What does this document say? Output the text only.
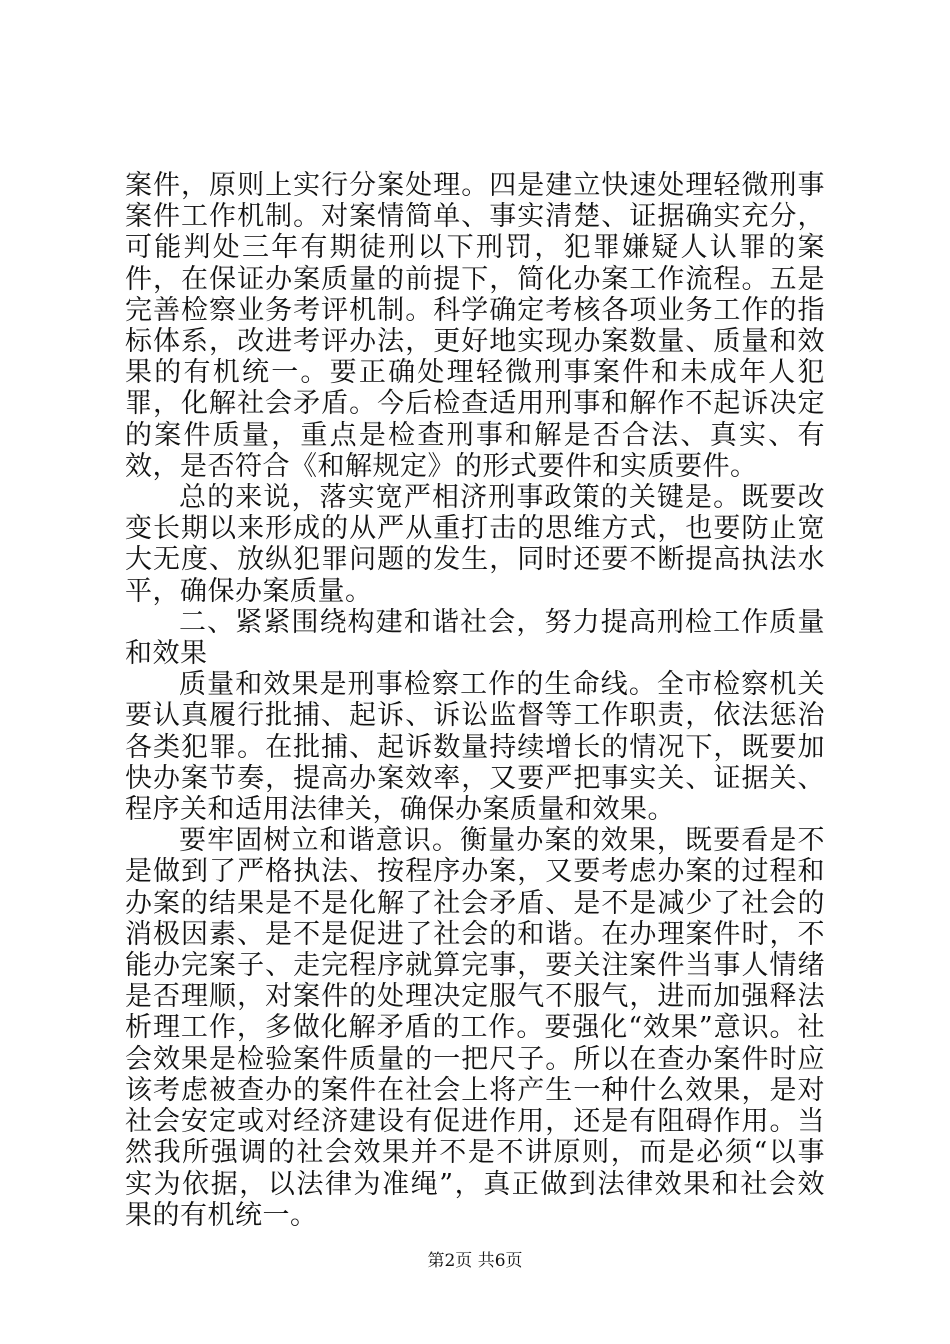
案件，原则上实行分案处理。四是建立快速处理轻微刑事案件工作机制。对案情简单、事实清楚、证据确实充分，可能判处三年有期徒刑以下刑罚，犯罪嫌疑人认罪的案件，在保证办案质量的前提下，简化办案工作流程。五是完善检察业务考评机制。科学确定考核各项业务工作的指标体系，改进考评办法，更好地实现办案数量、质量和效果的有机统一。要正确处理轻微刑事案件和未成年人犯罪，化解社会矛盾。今后检查适用刑事和解作不起诉决定的案件质量，重点是检查刑事和解是否合法、真实、有效，是否符合《和解规定》的形式要件和实质要件。

总的来说，落实宽严相济刑事政策的关键是。既要改变长期以来形成的从严从重打击的思维方式，也要防止宽大无度、放纵犯罪问题的发生，同时还要不断提高执法水平，确保办案质量。

二、紧紧围绕构建和谐社会，努力提高刑检工作质量和效果

质量和效果是刑事检察工作的生命线。全市检察机关要认真履行批捕、起诉、诉讼监督等工作职责，依法惩治各类犯罪。在批捕、起诉数量持续增长的情况下，既要加快办案节奏，提高办案效率，又要严把事实关、证据关、程序关和适用法律关，确保办案质量和效果。

要牢固树立和谐意识。衡量办案的效果，既要看是不是做到了严格执法、按程序办案，又要考虑办案的过程和办案的结果是不是化解了社会矛盾、是不是减少了社会的消极因素、是不是促进了社会的和谐。在办理案件时，不能办完案子、走完程序就算完事，要关注案件当事人情绪是否理顺，对案件的处理决定服气不服气，进而加强释法析理工作，多做化解矛盾的工作。要强化“效果”意识。社会效果是检验案件质量的一把尺子。所以在查办案件时应该考虑被查办的案件在社会上将产生一种什么效果，是对社会安定或对经济建设有促进作用，还是有阻碍作用。当然我所强调的社会效果并不是不讲原则，而是必须“以事实为依据，以法律为准绳”，真正做到法律效果和社会效果的有机统一。

第2页 共6页
